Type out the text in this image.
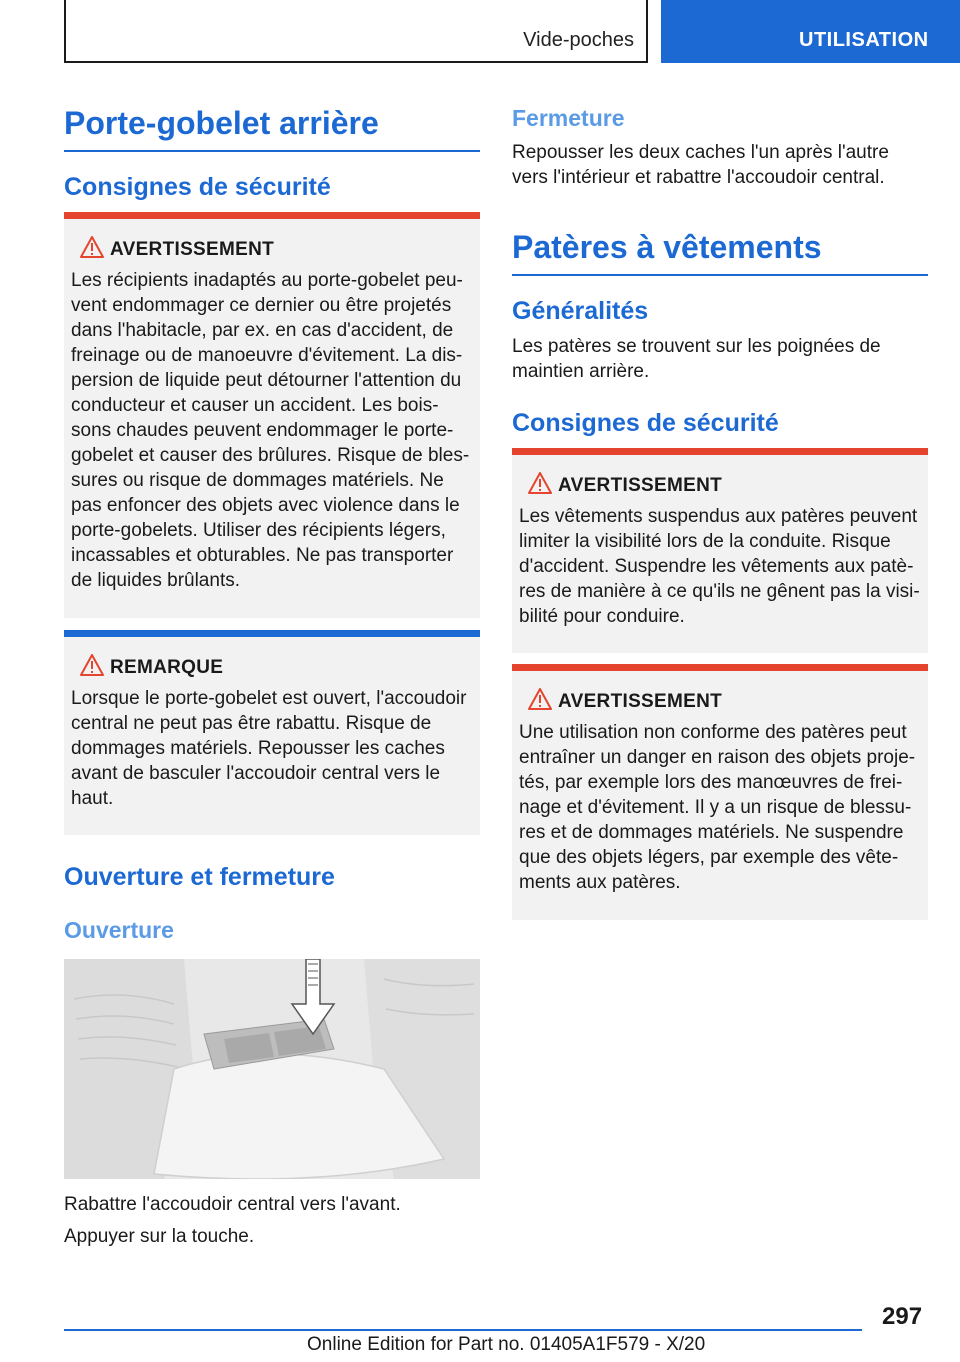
Vide-poches	UTILISATION
Porte-gobelet arrière
Consignes de sécurité
AVERTISSEMENT
Les récipients inadaptés au porte-gobelet peu-vent endommager ce dernier ou être projetés dans l'habitacle, par ex. en cas d'accident, de freinage ou de manoeuvre d'évitement. La dis-persion de liquide peut détourner l'attention du conducteur et causer un accident. Les bois-sons chaudes peuvent endommager le porte-gobelet et causer des brûlures. Risque de bles-sures ou risque de dommages matériels. Ne pas enfoncer des objets avec violence dans le porte-gobelets. Utiliser des récipients légers, incassables et obturables. Ne pas transporter de liquides brûlants.
REMARQUE
Lorsque le porte-gobelet est ouvert, l'accoudoir central ne peut pas être rabattu. Risque de dommages matériels. Repousser les caches avant de basculer l'accoudoir central vers le haut.
Ouverture et fermeture
Ouverture
Rabattre l'accoudoir central vers l'avant.
Appuyer sur la touche.
Fermeture
Repousser les deux caches l'un après l'autre vers l'intérieur et rabattre l'accoudoir central.
Patères à vêtements
Généralités
Les patères se trouvent sur les poignées de maintien arrière.
Consignes de sécurité
AVERTISSEMENT
Les vêtements suspendus aux patères peuvent limiter la visibilité lors de la conduite. Risque d'accident. Suspendre les vêtements aux patè-res de manière à ce qu'ils ne gênent pas la visi-bilité pour conduire.
AVERTISSEMENT
Une utilisation non conforme des patères peut entraîner un danger en raison des objets proje-tés, par exemple lors des manœuvres de frei-nage et d'évitement. Il y a un risque de blessu-res et de dommages matériels. Ne suspendre que des objets légers, par exemple des vête-ments aux patères.
297
Online Edition for Part no. 01405A1F579 - X/20
